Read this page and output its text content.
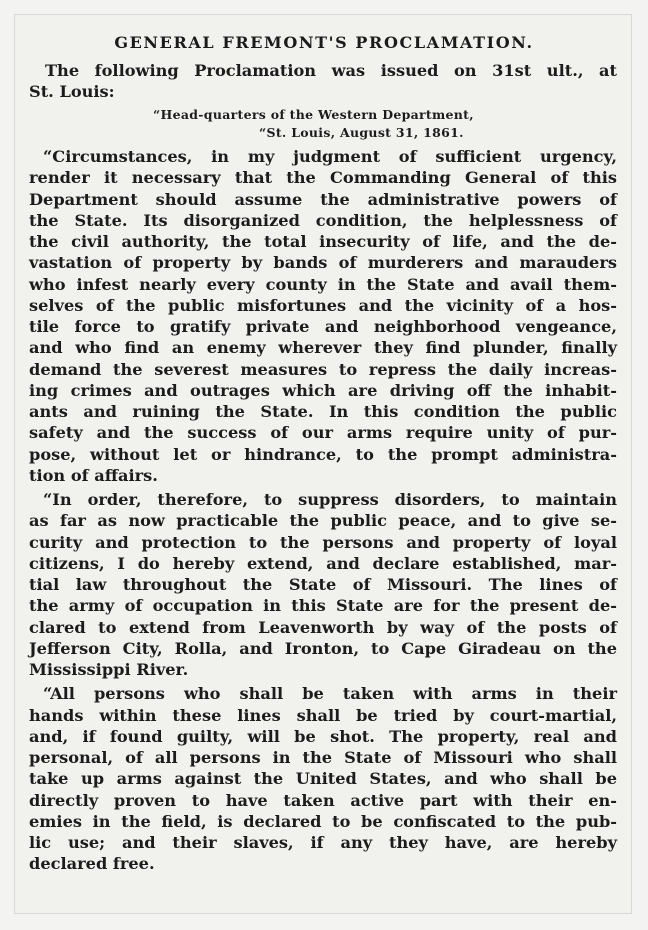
GENERAL FREMONT'S PROCLAMATION.
The following Proclamation was issued on 31st ult., at
St. Louis:
“Head-quarters of the Western Department,
“St. Louis, August 31, 1861.
“Circumstances, in my judgment of sufficient urgency,
render it necessary that the Commanding General of this
Department should assume the administrative powers of
the State. Its disorganized condition, the helplessness of
the civil authority, the total insecurity of life, and the de-
vastation of property by bands of murderers and marauders
who infest nearly every county in the State and avail them-
selves of the public misfortunes and the vicinity of a hos-
tile force to gratify private and neighborhood vengeance,
and who find an enemy wherever they find plunder, finally
demand the severest measures to repress the daily increas-
ing crimes and outrages which are driving off the inhabit-
ants and ruining the State. In this condition the public
safety and the success of our arms require unity of pur-
pose, without let or hindrance, to the prompt administra-
tion of affairs.
“In order, therefore, to suppress disorders, to maintain
as far as now practicable the public peace, and to give se-
curity and protection to the persons and property of loyal
citizens, I do hereby extend, and declare established, mar-
tial law throughout the State of Missouri. The lines of
the army of occupation in this State are for the present de-
clared to extend from Leavenworth by way of the posts of
Jefferson City, Rolla, and Ironton, to Cape Giradeau on the
Mississippi River.
“All persons who shall be taken with arms in their
hands within these lines shall be tried by court-martial,
and, if found guilty, will be shot. The property, real and
personal, of all persons in the State of Missouri who shall
take up arms against the United States, and who shall be
directly proven to have taken active part with their en-
emies in the field, is declared to be confiscated to the pub-
lic use; and their slaves, if any they have, are hereby
declared free.
